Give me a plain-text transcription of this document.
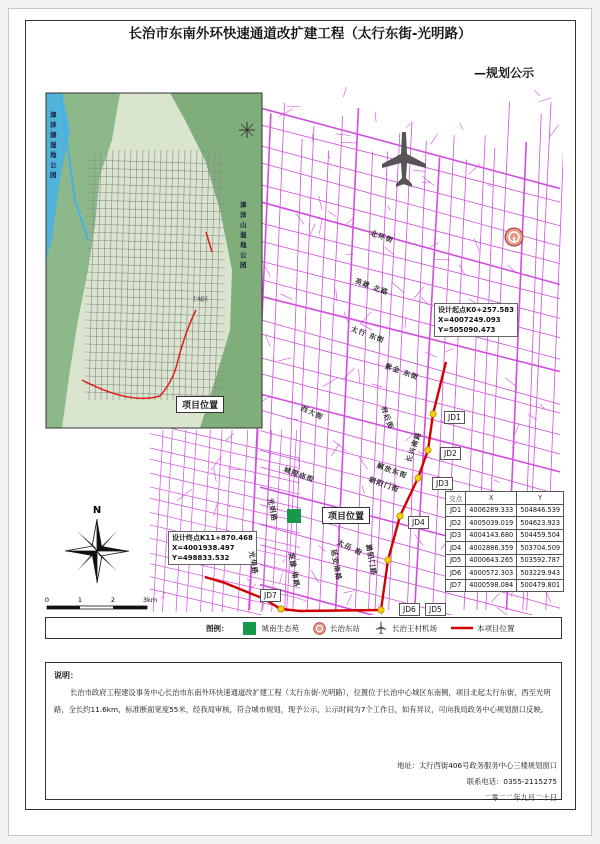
长治市东南外环快速通道改扩建工程（太行东街-光明路）
—规划公示
N
0	1	2	3km
漳泽湖湿地公园
漳泽山湿地公园
主城区
项目位置
设计起点K0+257.583
X=4007249.093
Y=505090.473
设计终点K11+870.468
X=4001938.497
Y=498833.532
项目位置
JD1
JD2
JD3
JD4
JD5
JD6
JD7
北环街
英雄 北路
太行 东街
紫金 东街
西大街	府后街
长兴南路
解放东街
城隍庙街
太岳 街
延安南路
光明路
潞阳门路
英雄 南路
朝阳门街
光华路
交点	X	Y
JD1	4006289.333	504846.539
JD2	4005039.019	504623.923
JD3	4004143.680	504459.504
JD4	4002886.359	503704.509
JD5	4000643.265	503592.787
JD6	4000572.303	503229.943
JD7	4000598.084	500479.801
图例：	城南生态苑	长治东站	长治王村机场	本项目位置
说明：
长治市政府工程建设事务中心长治市东南外环快速通道改扩建工程（太行东街-光明路），位置位于长治中心城区东南侧，项目北起太行东街，西至光明路，全长约11.6km，标准断面宽度55米，经我局审核，符合城市规划，现予公示，公示时间为7个工作日，如有异议，可向我局政务中心规划窗口反映。
地址：太行西街406号政务服务中心三楼规划窗口
联系电话：0355-2115275
二零二二年九月二十日
